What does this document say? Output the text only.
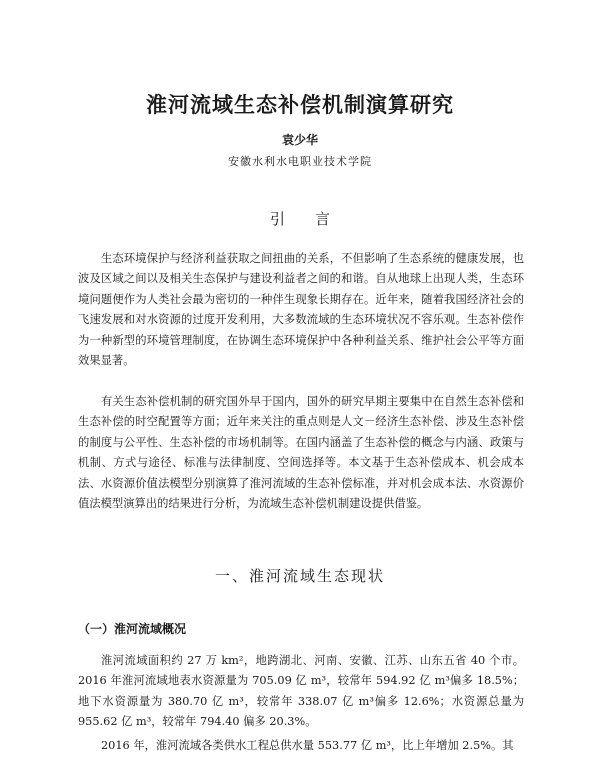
淮河流域生态补偿机制演算研究
袁少华
安徽水利水电职业技术学院
引言

生态环境保护与经济利益获取之间扭曲的关系，不但影响了生态系统的健康发展，也波及区域之间以及相关生态保护与建设利益者之间的和谐。自从地球上出现人类，生态环境问题便作为人类社会最为密切的一种伴生现象长期存在。近年来，随着我国经济社会的飞速发展和对水资源的过度开发利用，大多数流域的生态环境状况不容乐观。生态补偿作为一种新型的环境管理制度，在协调生态环境保护中各种利益关系、维护社会公平等方面效果显著。

有关生态补偿机制的研究国外早于国内，国外的研究早期主要集中在自然生态补偿和生态补偿的时空配置等方面；近年来关注的重点则是人文－经济生态补偿、涉及生态补偿的制度与公平性、生态补偿的市场机制等。在国内涵盖了生态补偿的概念与内涵、政策与机制、方式与途径、标准与法律制度、空间选择等。本文基于生态补偿成本、机会成本法、水资源价值法模型分别演算了淮河流域的生态补偿标准，并对机会成本法、水资源价值法模型演算出的结果进行分析，为流域生态补偿机制建设提供借鉴。

一、淮河流域生态现状
（一）淮河流域概况

淮河流域面积约 27 万 km²，地跨湖北、河南、安徽、江苏、山东五省 40 个市。2016 年淮河流域地表水资源量为 705.09 亿 m³，较常年 594.92 亿 m³偏多 18.5%；地下水资源量为 380.70 亿 m³，较常年 338.07 亿 m³偏多 12.6%；水资源总量为 955.62 亿 m³，较常年 794.40 偏多 20.3%。

2016 年，淮河流域各类供水工程总供水量 553.77 亿 m³，比上年增加 2.5%。其
